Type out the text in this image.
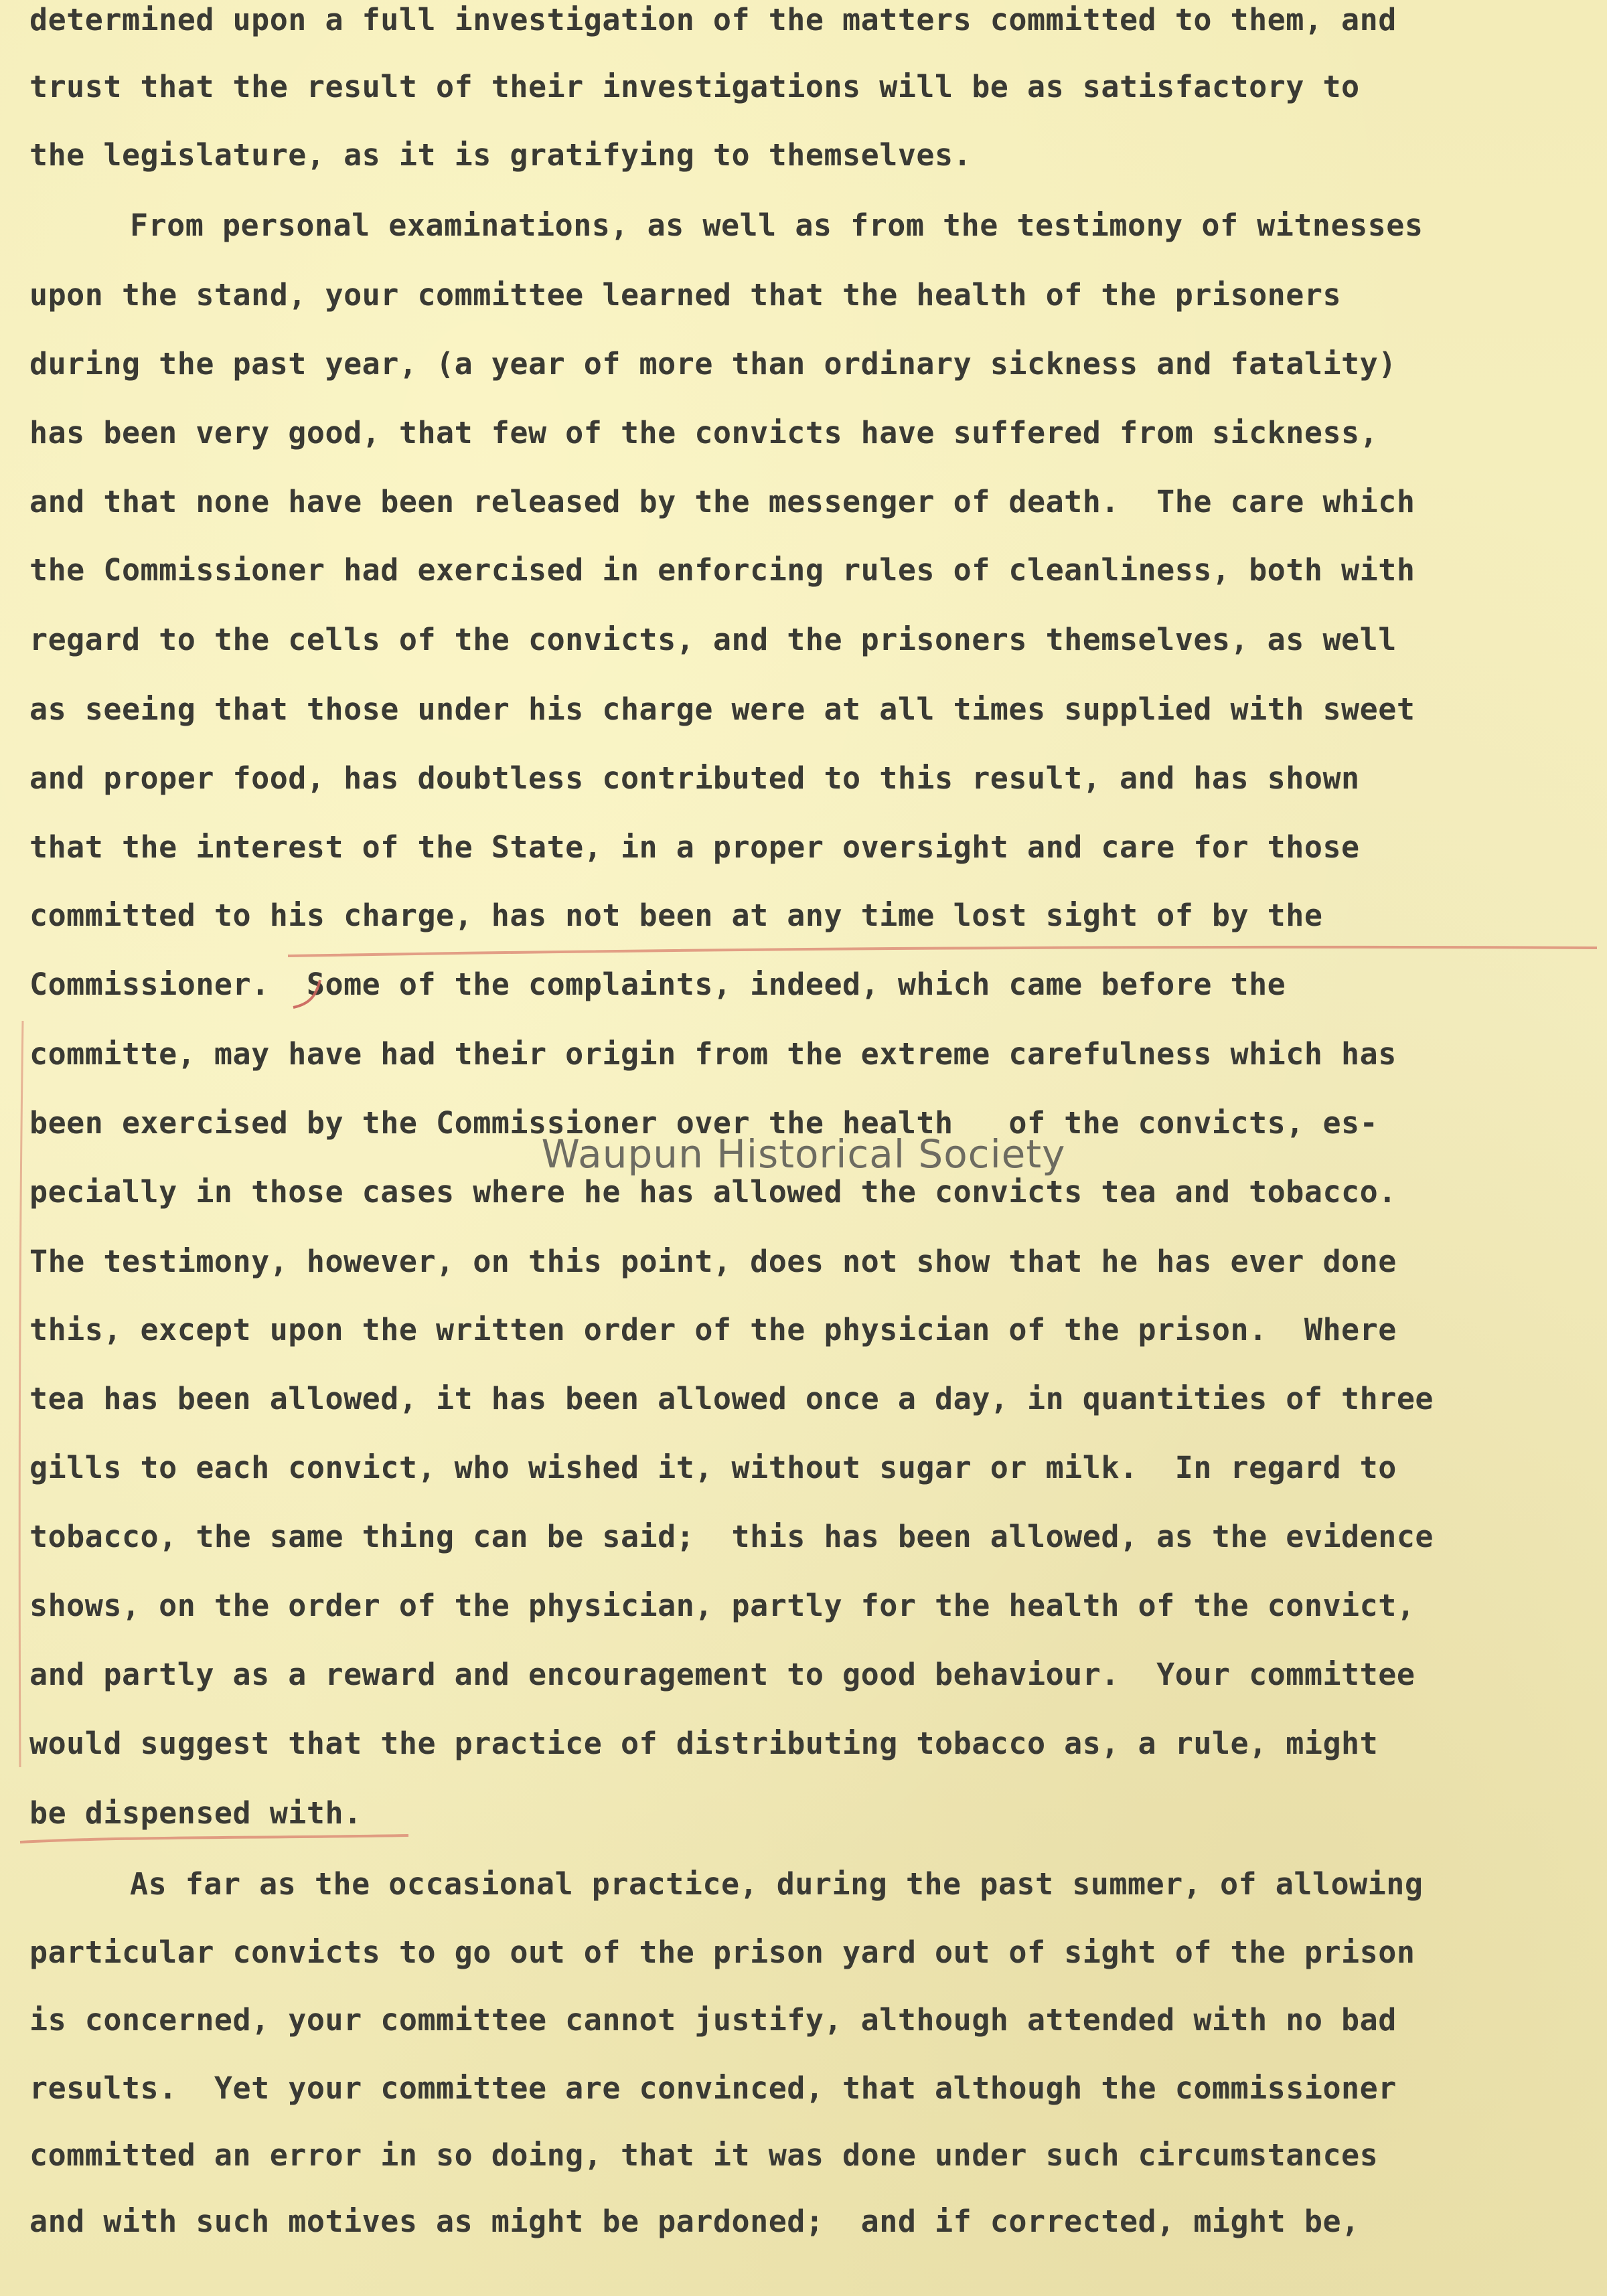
determined upon a full investigation of the matters committed to them, and
trust that the result of their investigations will be as satisfactory to
the legislature, as it is gratifying to themselves.
From personal examinations, as well as from the testimony of witnesses
upon the stand, your committee learned that the health of the prisoners
during the past year, (a year of more than ordinary sickness and fatality)
has been very good, that few of the convicts have suffered from sickness,
and that none have been released by the messenger of death.  The care which
the Commissioner had exercised in enforcing rules of cleanliness, both with
regard to the cells of the convicts, and the prisoners themselves, as well
as seeing that those under his charge were at all times supplied with sweet
and proper food, has doubtless contributed to this result, and has shown
that the interest of the State, in a proper oversight and care for those
committed to his charge, has not been at any time lost sight of by the
Commissioner.  Some of the complaints, indeed, which came before the
committe, may have had their origin from the extreme carefulness which has
been exercised by the Commissioner over the health   of the convicts, es-
pecially in those cases where he has allowed the convicts tea and tobacco.
The testimony, however, on this point, does not show that he has ever done
this, except upon the written order of the physician of the prison.  Where
tea has been allowed, it has been allowed once a day, in quantities of three
gills to each convict, who wished it, without sugar or milk.  In regard to
tobacco, the same thing can be said;  this has been allowed, as the evidence
shows, on the order of the physician, partly for the health of the convict,
and partly as a reward and encouragement to good behaviour.  Your committee
would suggest that the practice of distributing tobacco as, a rule, might
be dispensed with.
As far as the occasional practice, during the past summer, of allowing
particular convicts to go out of the prison yard out of sight of the prison
is concerned, your committee cannot justify, although attended with no bad
results.  Yet your committee are convinced, that although the commissioner
committed an error in so doing, that it was done under such circumstances
and with such motives as might be pardoned;  and if corrected, might be,
Waupun Historical Society
